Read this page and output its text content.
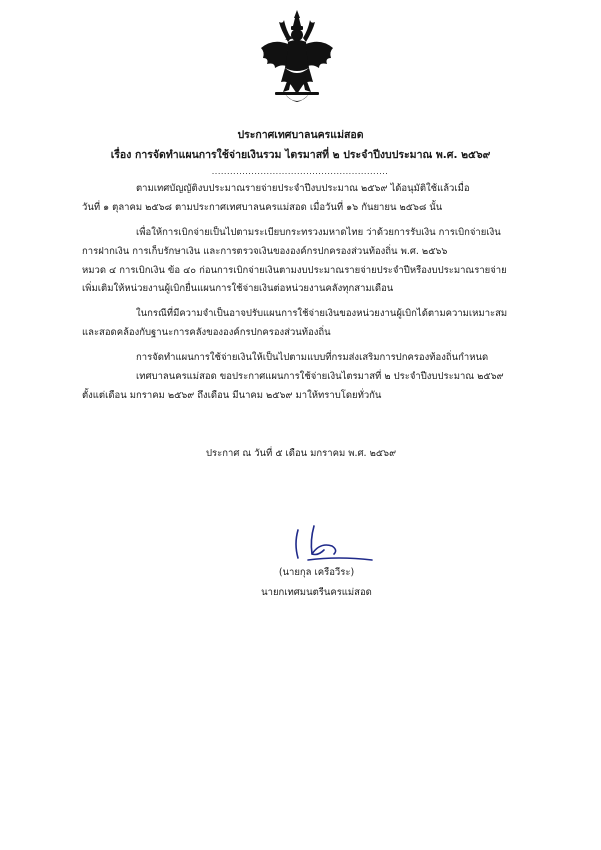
ประกาศเทศบาลนครแม่สอด
เรื่อง การจัดทำแผนการใช้จ่ายเงินรวม ไตรมาสที่ ๒ ประจำปีงบประมาณ พ.ศ. ๒๕๖๙
..........................................................
ตามเทศบัญญัติงบประมาณรายจ่ายประจำปีงบประมาณ ๒๕๖๙ ได้อนุมัติใช้แล้วเมื่อ
วันที่ ๑ ตุลาคม ๒๕๖๘ ตามประกาศเทศบาลนครแม่สอด เมื่อวันที่ ๑๖ กันยายน ๒๕๖๘ นั้น
เพื่อให้การเบิกจ่ายเป็นไปตามระเบียบกระทรวงมหาดไทย ว่าด้วยการรับเงิน การเบิกจ่ายเงิน
การฝากเงิน การเก็บรักษาเงิน และการตรวจเงินขององค์กรปกครองส่วนท้องถิ่น พ.ศ. ๒๕๖๖
หมวด ๔ การเบิกเงิน ข้อ ๔๐ ก่อนการเบิกจ่ายเงินตามงบประมาณรายจ่ายประจำปีหรืองบประมาณรายจ่าย
เพิ่มเติมให้หน่วยงานผู้เบิกยื่นแผนการใช้จ่ายเงินต่อหน่วยงานคลังทุกสามเดือน
ในกรณีที่มีความจำเป็นอาจปรับแผนการใช้จ่ายเงินของหน่วยงานผู้เบิกได้ตามความเหมาะสม
และสอดคล้องกับฐานะการคลังขององค์กรปกครองส่วนท้องถิ่น
การจัดทำแผนการใช้จ่ายเงินให้เป็นไปตามแบบที่กรมส่งเสริมการปกครองท้องถิ่นกำหนด
เทศบาลนครแม่สอด ขอประกาศแผนการใช้จ่ายเงินไตรมาสที่ ๒ ประจำปีงบประมาณ ๒๕๖๙
ตั้งแต่เดือน มกราคม ๒๕๖๙ ถึงเดือน มีนาคม ๒๕๖๙ มาให้ทราบโดยทั่วกัน
ประกาศ ณ วันที่ ๕ เดือน มกราคม พ.ศ. ๒๕๖๙
(นายกุล เครือวีระ)
นายกเทศมนตรีนครแม่สอด
